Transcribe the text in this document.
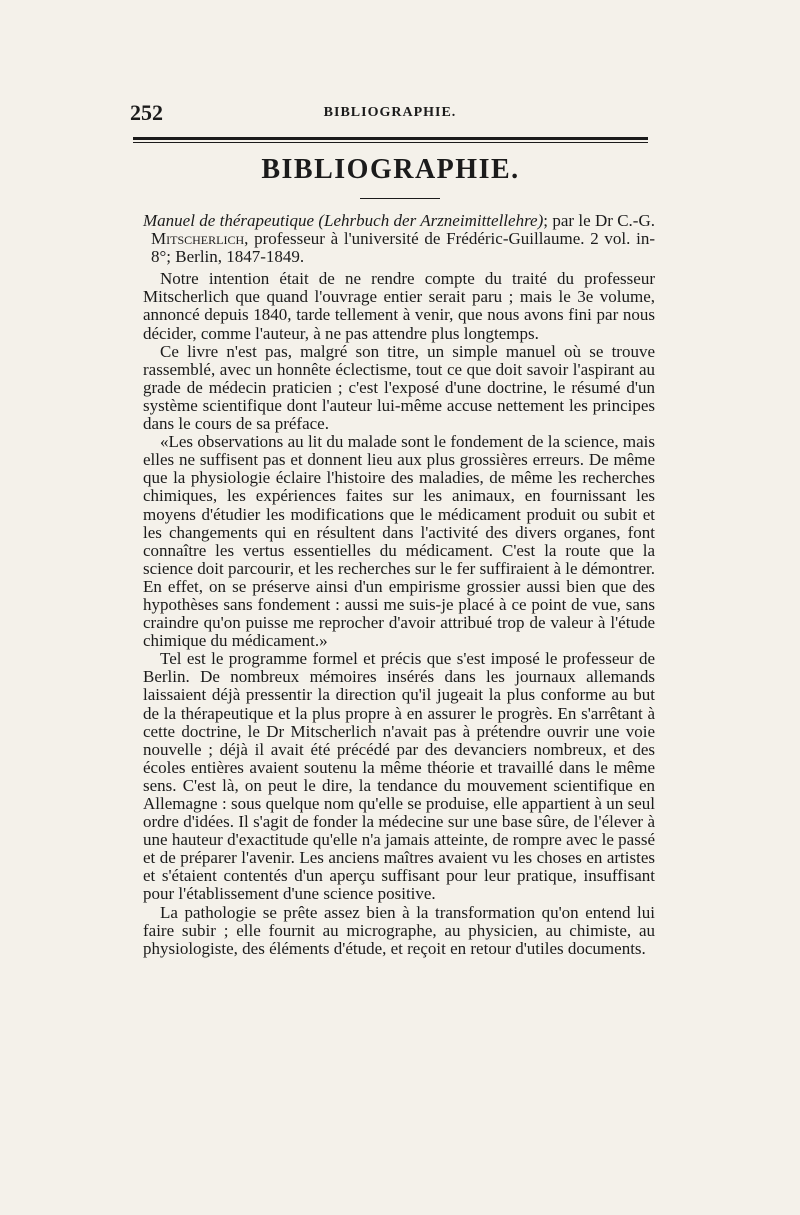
252	BIBLIOGRAPHIE.
BIBLIOGRAPHIE.

Manuel de thérapeutique (Lehrbuch der Arzneimittellehre); par le Dr C.-G. Mitscherlich, professeur à l'université de Frédéric-Guillaume. 2 vol. in-8°; Berlin, 1847-1849.

Notre intention était de ne rendre compte du traité du professeur Mitscherlich que quand l'ouvrage entier serait paru ; mais le 3e volume, annoncé depuis 1840, tarde tellement à venir, que nous avons fini par nous décider, comme l'auteur, à ne pas attendre plus longtemps.

Ce livre n'est pas, malgré son titre, un simple manuel où se trouve rassemblé, avec un honnête éclectisme, tout ce que doit savoir l'aspirant au grade de médecin praticien ; c'est l'exposé d'une doctrine, le résumé d'un système scientifique dont l'auteur lui-même accuse nettement les principes dans le cours de sa préface.

«Les observations au lit du malade sont le fondement de la science, mais elles ne suffisent pas et donnent lieu aux plus grossières erreurs. De même que la physiologie éclaire l'histoire des maladies, de même les recherches chimiques, les expériences faites sur les animaux, en fournissant les moyens d'étudier les modifications que le médicament produit ou subit et les changements qui en résultent dans l'activité des divers organes, font connaître les vertus essentielles du médicament. C'est la route que la science doit parcourir, et les recherches sur le fer suffiraient à le démontrer. En effet, on se préserve ainsi d'un empirisme grossier aussi bien que des hypothèses sans fondement : aussi me suis-je placé à ce point de vue, sans craindre qu'on puisse me reprocher d'avoir attribué trop de valeur à l'étude chimique du médicament.»

Tel est le programme formel et précis que s'est imposé le professeur de Berlin. De nombreux mémoires insérés dans les journaux allemands laissaient déjà pressentir la direction qu'il jugeait la plus conforme au but de la thérapeutique et la plus propre à en assurer le progrès. En s'arrêtant à cette doctrine, le Dr Mitscherlich n'avait pas à prétendre ouvrir une voie nouvelle ; déjà il avait été précédé par des devanciers nombreux, et des écoles entières avaient soutenu la même théorie et travaillé dans le même sens. C'est là, on peut le dire, la tendance du mouvement scientifique en Allemagne : sous quelque nom qu'elle se produise, elle appartient à un seul ordre d'idées. Il s'agit de fonder la médecine sur une base sûre, de l'élever à une hauteur d'exactitude qu'elle n'a jamais atteinte, de rompre avec le passé et de préparer l'avenir. Les anciens maîtres avaient vu les choses en artistes et s'étaient contentés d'un aperçu suffisant pour leur pratique, insuffisant pour l'établissement d'une science positive.

La pathologie se prête assez bien à la transformation qu'on entend lui faire subir ; elle fournit au micrographe, au physicien, au chimiste, au physiologiste, des éléments d'étude, et reçoit en retour d'utiles documents.
